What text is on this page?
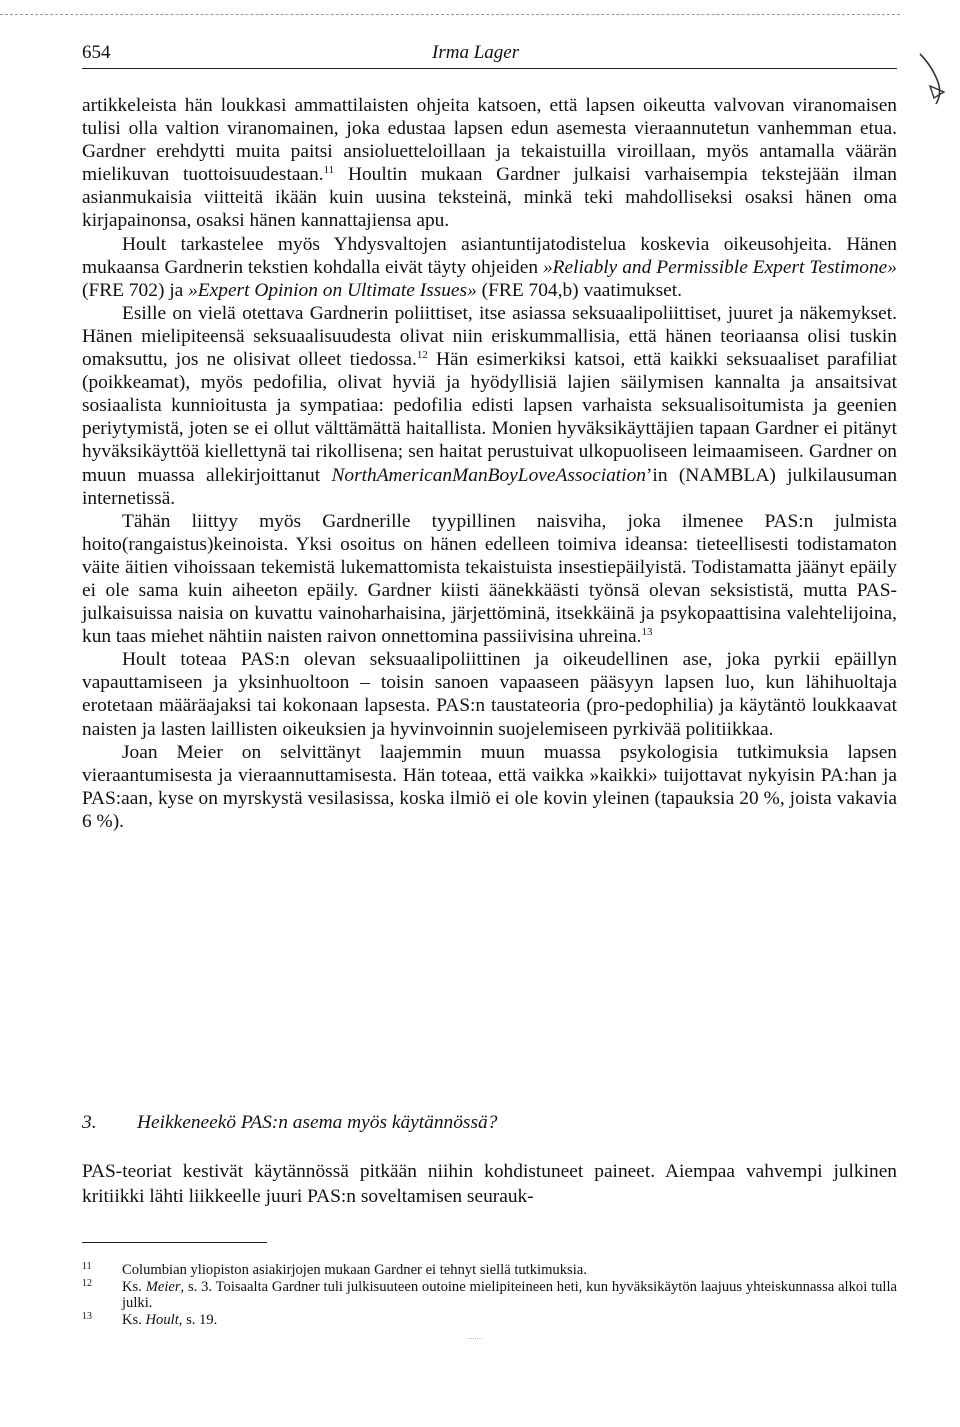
654	Irma Lager

artikkeleista hän loukkasi ammattilaisten ohjeita katsoen, että lapsen oikeutta valvovan viranomaisen tulisi olla valtion viranomainen, joka edustaa lapsen edun asemesta vieraannutetun vanhemman etua. Gardner erehdytti muita paitsi ansioluetteloillaan ja tekaistuilla viroillaan, myös antamalla väärän mielikuvan tuottoisuudestaan.$^{11}$ Houltin mukaan Gardner julkaisi varhaisempia tekstejään ilman asianmukaisia viitteitä ikään kuin uusina teksteinä, minkä teki mahdolliseksi osaksi hänen oma kirjapainonsa, osaksi hänen kannattajiensa apu.

Hoult tarkastelee myös Yhdysvaltojen asiantuntijatodistelua koskevia oikeusohjeita. Hänen mukaansa Gardnerin tekstien kohdalla eivät täyty ohjeiden »Reliably and Permissible Expert Testimone» (FRE 702) ja »Expert Opinion on Ultimate Issues» (FRE 704,b) vaatimukset.

Esille on vielä otettava Gardnerin poliittiset, itse asiassa seksuaalipoliittiset, juuret ja näkemykset. Hänen mielipiteensä seksuaalisuudesta olivat niin eriskummallisia, että hänen teoriaansa olisi tuskin omaksuttu, jos ne olisivat olleet tiedossa.$^{12}$ Hän esimerkiksi katsoi, että kaikki seksuaaliset parafiliat (poikkeamat), myös pedofilia, olivat hyviä ja hyödyllisiä lajien säilymisen kannalta ja ansaitsivat sosiaalista kunnioitusta ja sympatiaa: pedofilia edisti lapsen varhaista seksualisoitumista ja geenien periytymistä, joten se ei ollut välttämättä haitallista. Monien hyväksikäyttäjien tapaan Gardner ei pitänyt hyväksikäyttöä kiellettynä tai rikollisena; sen haitat perustuivat ulkopuoliseen leimaamiseen. Gardner on muun muassa allekirjoittanut NorthAmericanManBoyLoveAssociation’in (NAMBLA) julkilausuman internetissä.

Tähän liittyy myös Gardnerille tyypillinen naisviha, joka ilmenee PAS:n julmista hoito(rangaistus)keinoista. Yksi osoitus on hänen edelleen toimiva ideansa: tieteellisesti todistamaton väite äitien vihoissaan tekemistä lukemattomista tekaistuista insestiepäilyistä. Todistamatta jäänyt epäily ei ole sama kuin aiheeton epäily. Gardner kiisti äänekkäästi työnsä olevan seksististä, mutta PAS-julkaisuissa naisia on kuvattu vainoharhaisina, järjettöminä, itsekkäinä ja psykopaattisina valehtelijoina, kun taas miehet nähtiin naisten raivon onnettomina passiivisina uhreina.$^{13}$

Hoult toteaa PAS:n olevan seksuaalipoliittinen ja oikeudellinen ase, joka pyrkii epäillyn vapauttamiseen ja yksinhuoltoon – toisin sanoen vapaaseen pääsyyn lapsen luo, kun lähihuoltaja erotetaan määräajaksi tai kokonaan lapsesta. PAS:n taustateoria (pro-pedophilia) ja käytäntö loukkaavat naisten ja lasten laillisten oikeuksien ja hyvinvoinnin suojelemiseen pyrkivää politiikkaa.

Joan Meier on selvittänyt laajemmin muun muassa psykologisia tutkimuksia lapsen vieraantumisesta ja vieraannuttamisesta. Hän toteaa, että vaikka »kaikki» tuijottavat nykyisin PA:han ja PAS:aan, kyse on myrskystä vesilasissa, koska ilmiö ei ole kovin yleinen (tapauksia 20 %, joista vakavia 6 %).

3. Heikkeneekö PAS:n asema myös käytännössä?

PAS-teoriat kestivät käytännössä pitkään niihin kohdistuneet paineet. Aiempaa vahvempi julkinen kritiikki lähti liikkeelle juuri PAS:n soveltamisen seurauk-

11 Columbian yliopiston asiakirjojen mukaan Gardner ei tehnyt siellä tutkimuksia.
12 Ks. Meier, s. 3. Toisaalta Gardner tuli julkisuuteen outoine mielipiteineen heti, kun hyväksikäytön laajuus yhteiskunnassa alkoi tulla julki.
13 Ks. Hoult, s. 19.
